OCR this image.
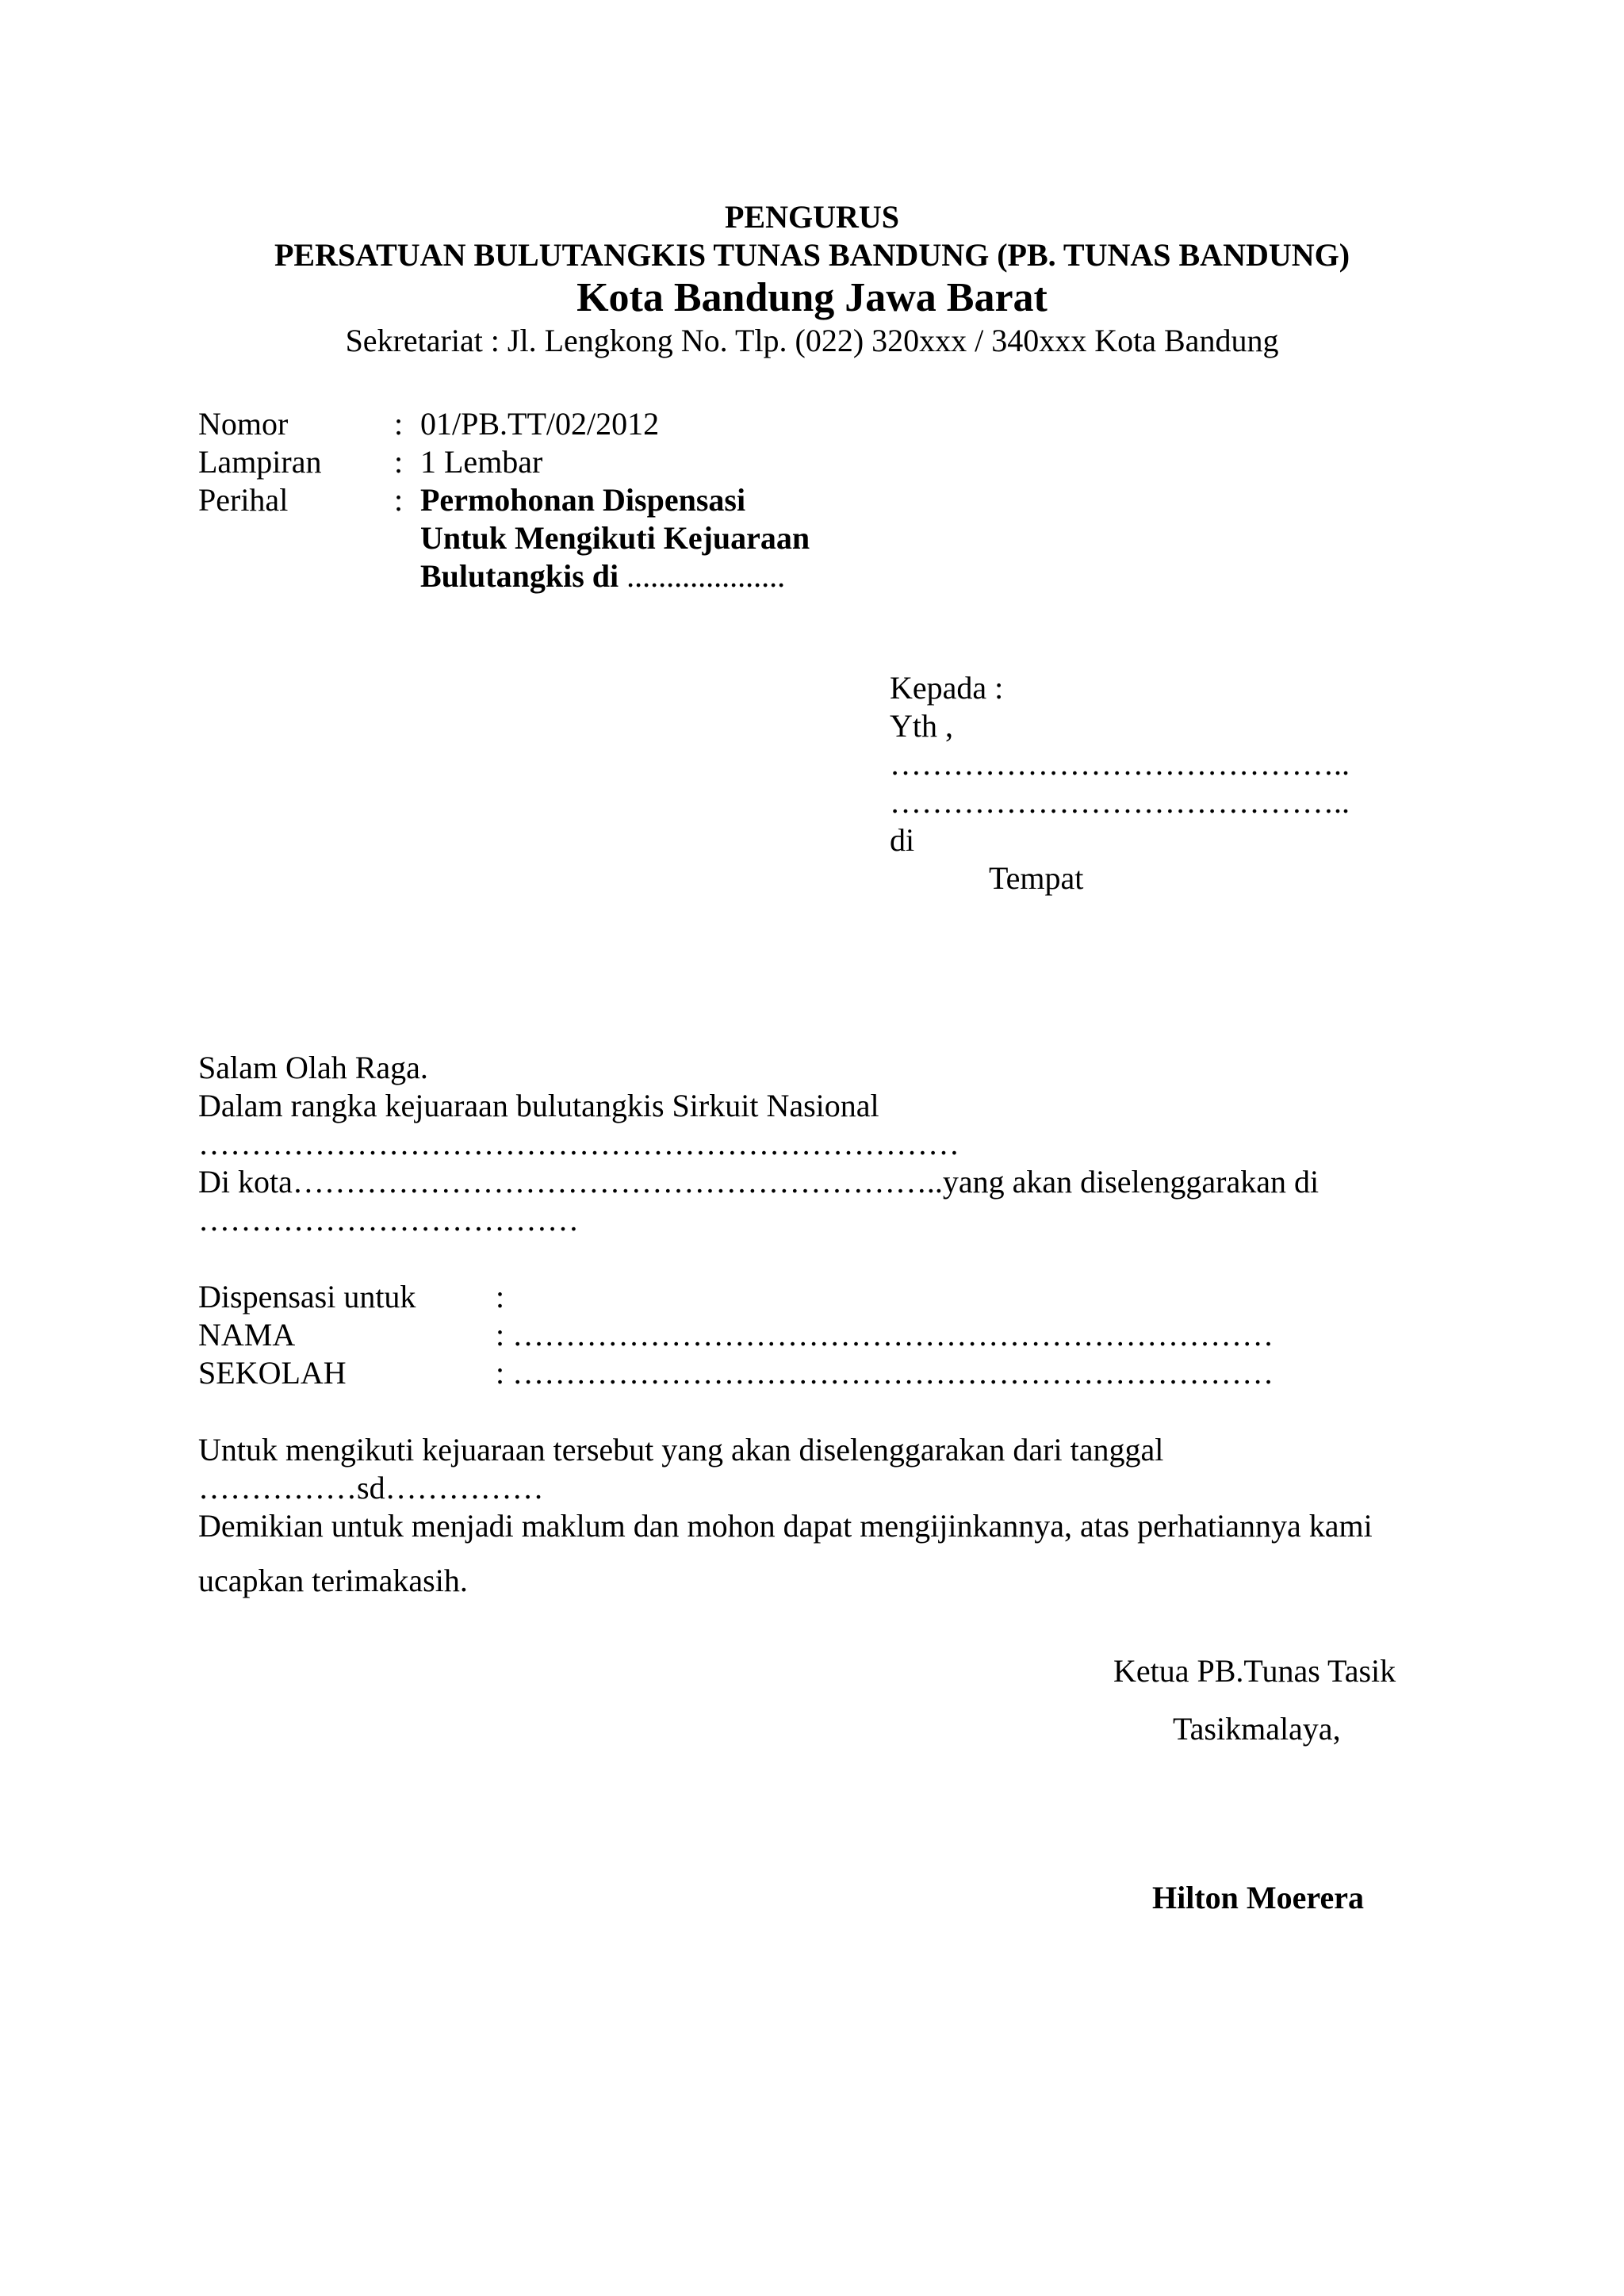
PENGURUS
PERSATUAN BULUTANGKIS TUNAS BANDUNG (PB. TUNAS BANDUNG)
Kota Bandung Jawa Barat
Sekretariat : Jl. Lengkong No. Tlp. (022) 320xxx / 340xxx Kota Bandung
Nomor	: 01/PB.TT/02/2012
Lampiran : 1 Lembar
Perihal	: Permohonan Dispensasi
Untuk Mengikuti Kejuaraan
Bulutangkis di ....................
Kepada :
Yth ,
……………………………………..
……………………………………..
di
Tempat
Salam Olah Raga.
Dalam rangka kejuaraan bulutangkis Sirkuit Nasional
………………………………………………………………
Di kota……………………………………………………..yang akan diselenggarakan di
………………………………
Dispensasi untuk	:
NAMA	: ………………………………………………………………
SEKOLAH	: ………………………………………………………………
Untuk mengikuti kejuaraan tersebut yang akan diselenggarakan dari tanggal
……………sd……………
Demikian untuk menjadi maklum dan mohon dapat mengijinkannya, atas perhatiannya kami
ucapkan terimakasih.
Ketua PB.Tunas Tasik
Tasikmalaya,
Hilton Moerera
